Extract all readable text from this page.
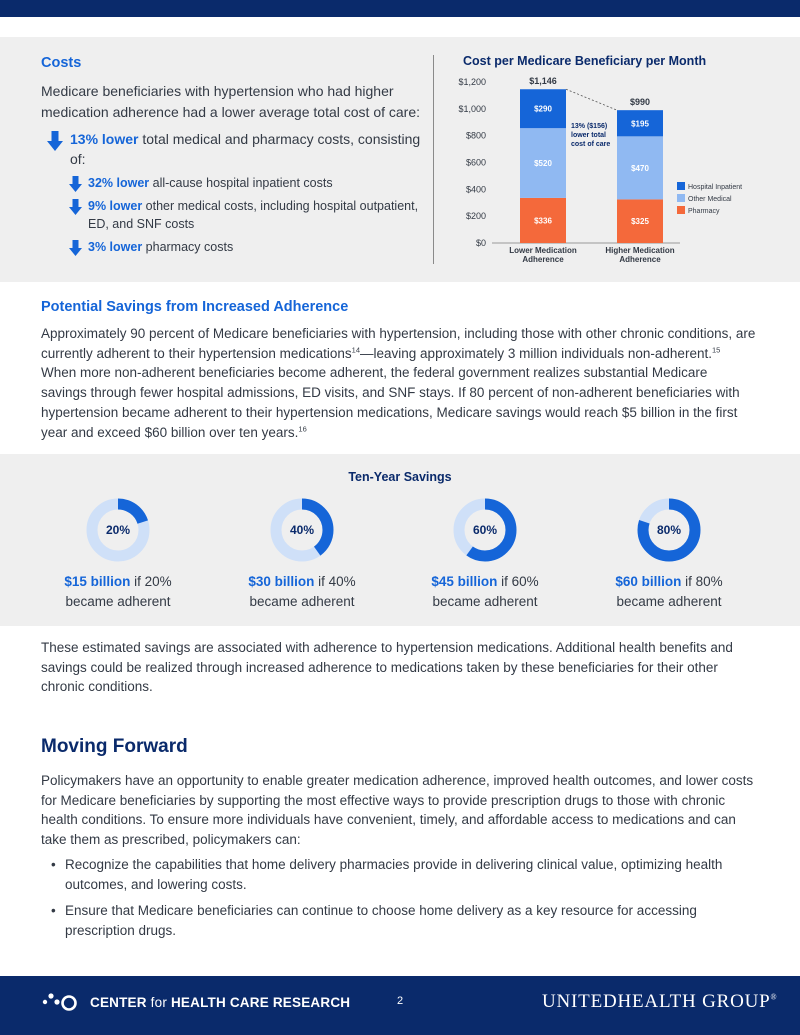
Costs

Medicare beneficiaries with hypertension who had higher medication adherence had a lower average total cost of care:

13% lower total medical and pharmacy costs, consisting of:
32% lower all-cause hospital inpatient costs
9% lower other medical costs, including hospital outpatient, ED, and SNF costs
3% lower pharmacy costs
Cost per Medicare Beneficiary per Month
$0
$200
$400
$600
$800
$1,000
$1,200
$336
$520
$290
$1,146
Lower Medication
Adherence
$325
$470
$195
$990
Higher Medication
Adherence
13% ($156)
lower total
cost of care
Hospital Inpatient
Other Medical
Pharmacy
Potential Savings from Increased Adherence

Approximately 90 percent of Medicare beneficiaries with hypertension, including those with other chronic conditions, are currently adherent to their hypertension medications$^{14}$—leaving approximately 3 million individuals non-adherent.$^{15}$ When more non-adherent beneficiaries become adherent, the federal government realizes substantial Medicare savings through fewer hospital admissions, ED visits, and SNF stays. If 80 percent of non-adherent beneficiaries with hypertension became adherent to their hypertension medications, Medicare savings would reach $5 billion in the first year and exceed $60 billion over ten years.$^{16}$

Ten-Year Savings
20%
$15 billion if 20%
became adherent
40%
$30 billion if 40%
became adherent
60%
$45 billion if 60%
became adherent
80%
$60 billion if 80%
became adherent

These estimated savings are associated with adherence to hypertension medications. Additional health benefits and savings could be realized through increased adherence to medications taken by these beneficiaries for their other chronic conditions.

Moving Forward

Policymakers have an opportunity to enable greater medication adherence, improved health outcomes, and lower costs for Medicare beneficiaries by supporting the most effective ways to provide prescription drugs to those with chronic health conditions. To ensure more individuals have convenient, timely, and affordable access to medications and can take them as prescribed, policymakers can:

• Recognize the capabilities that home delivery pharmacies provide in delivering clinical value, optimizing health outcomes, and lowering costs.
• Ensure that Medicare beneficiaries can continue to choose home delivery as a key resource for accessing prescription drugs.
CENTER for HEALTH CARE RESEARCH	2	UNITEDHEALTH GROUP®
